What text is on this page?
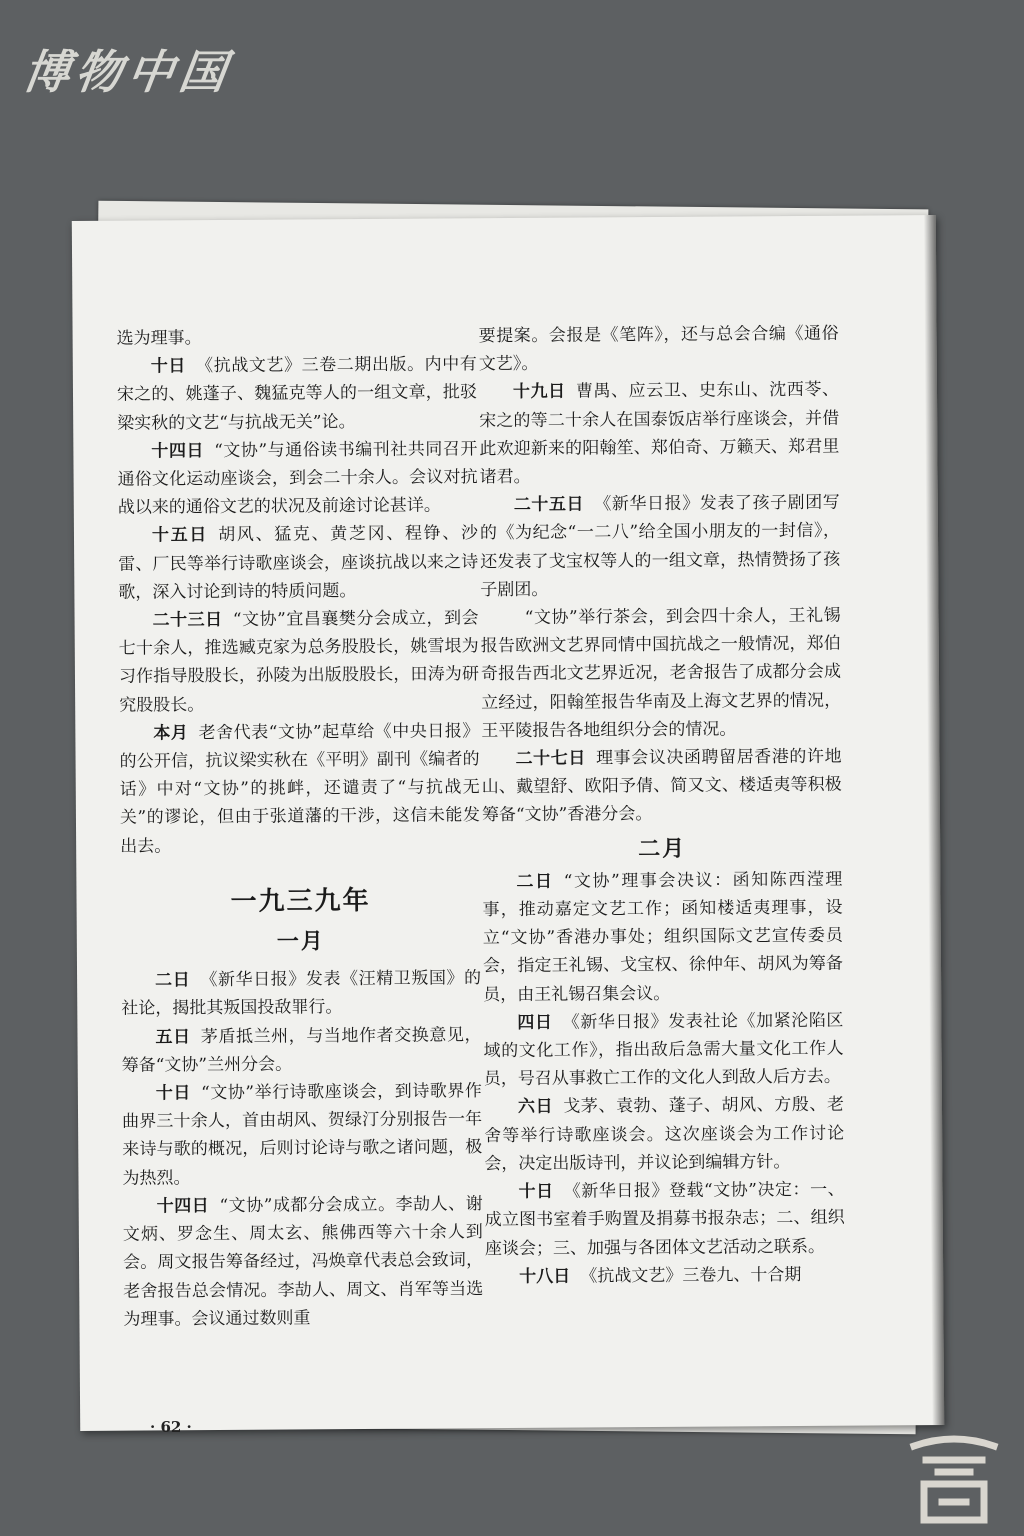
博物中国

选为理事。

十日 《抗战文艺》三卷二期出版。内中有宋之的、姚蓬子、魏猛克等人的一组文章，批驳梁实秋的文艺“与抗战无关”论。

十四日 “文协”与通俗读书编刊社共同召开通俗文化运动座谈会，到会二十余人。会议对抗战以来的通俗文艺的状况及前途讨论甚详。

十五日 胡风、猛克、黄芝冈、程铮、沙雷、厂民等举行诗歌座谈会，座谈抗战以来之诗歌，深入讨论到诗的特质问题。

二十三日 “文协”宜昌襄樊分会成立，到会七十余人，推选臧克家为总务股股长，姚雪垠为习作指导股股长，孙陵为出版股股长，田涛为研究股股长。

本月 老舍代表“文协”起草给《中央日报》的公开信，抗议梁实秋在《平明》副刊《编者的话》中对“文协”的挑衅，还谴责了“与抗战无关”的谬论，但由于张道藩的干涉，这信未能发出去。

一九三九年
一月

二日 《新华日报》发表《汪精卫叛国》的社论，揭批其叛国投敌罪行。

五日 茅盾抵兰州，与当地作者交换意见，筹备“文协”兰州分会。

十日 “文协”举行诗歌座谈会，到诗歌界作曲界三十余人，首由胡风、贺绿汀分别报告一年来诗与歌的概况，后则讨论诗与歌之诸问题，极为热烈。

十四日 “文协”成都分会成立。李劼人、谢文炳、罗念生、周太玄、熊佛西等六十余人到会。周文报告筹备经过，冯焕章代表总会致词，老舍报告总会情况。李劼人、周文、肖军等当选为理事。会议通过数则重

要提案。会报是《笔阵》，还与总会合编《通俗文艺》。

十九日 曹禺、应云卫、史东山、沈西苓、宋之的等二十余人在国泰饭店举行座谈会，并借此欢迎新来的阳翰笙、郑伯奇、万籁天、郑君里诸君。

二十五日 《新华日报》发表了孩子剧团写的《为纪念“一二八”给全国小朋友的一封信》，还发表了戈宝权等人的一组文章，热情赞扬了孩子剧团。

“文协”举行茶会，到会四十余人，王礼锡报告欧洲文艺界同情中国抗战之一般情况，郑伯奇报告西北文艺界近况，老舍报告了成都分会成立经过，阳翰笙报告华南及上海文艺界的情况，王平陵报告各地组织分会的情况。

二十七日 理事会议决函聘留居香港的许地山、戴望舒、欧阳予倩、简又文、楼适夷等积极筹备“文协”香港分会。

二月

二日 “文协”理事会决议：函知陈西滢理事，推动嘉定文艺工作；函知楼适夷理事，设立“文协”香港办事处；组织国际文艺宣传委员会，指定王礼锡、戈宝权、徐仲年、胡风为筹备员，由王礼锡召集会议。

四日 《新华日报》发表社论《加紧沦陷区域的文化工作》，指出敌后急需大量文化工作人员，号召从事救亡工作的文化人到敌人后方去。

六日 戈茅、袁勃、蓬子、胡风、方殷、老舍等举行诗歌座谈会。这次座谈会为工作讨论会，决定出版诗刊，并议论到编辑方针。

十日 《新华日报》登载“文协”决定：一、成立图书室着手购置及捐募书报杂志；二、组织座谈会；三、加强与各团体文艺活动之联系。

十八日 《抗战文艺》三卷九、十合期

· 62 ·
